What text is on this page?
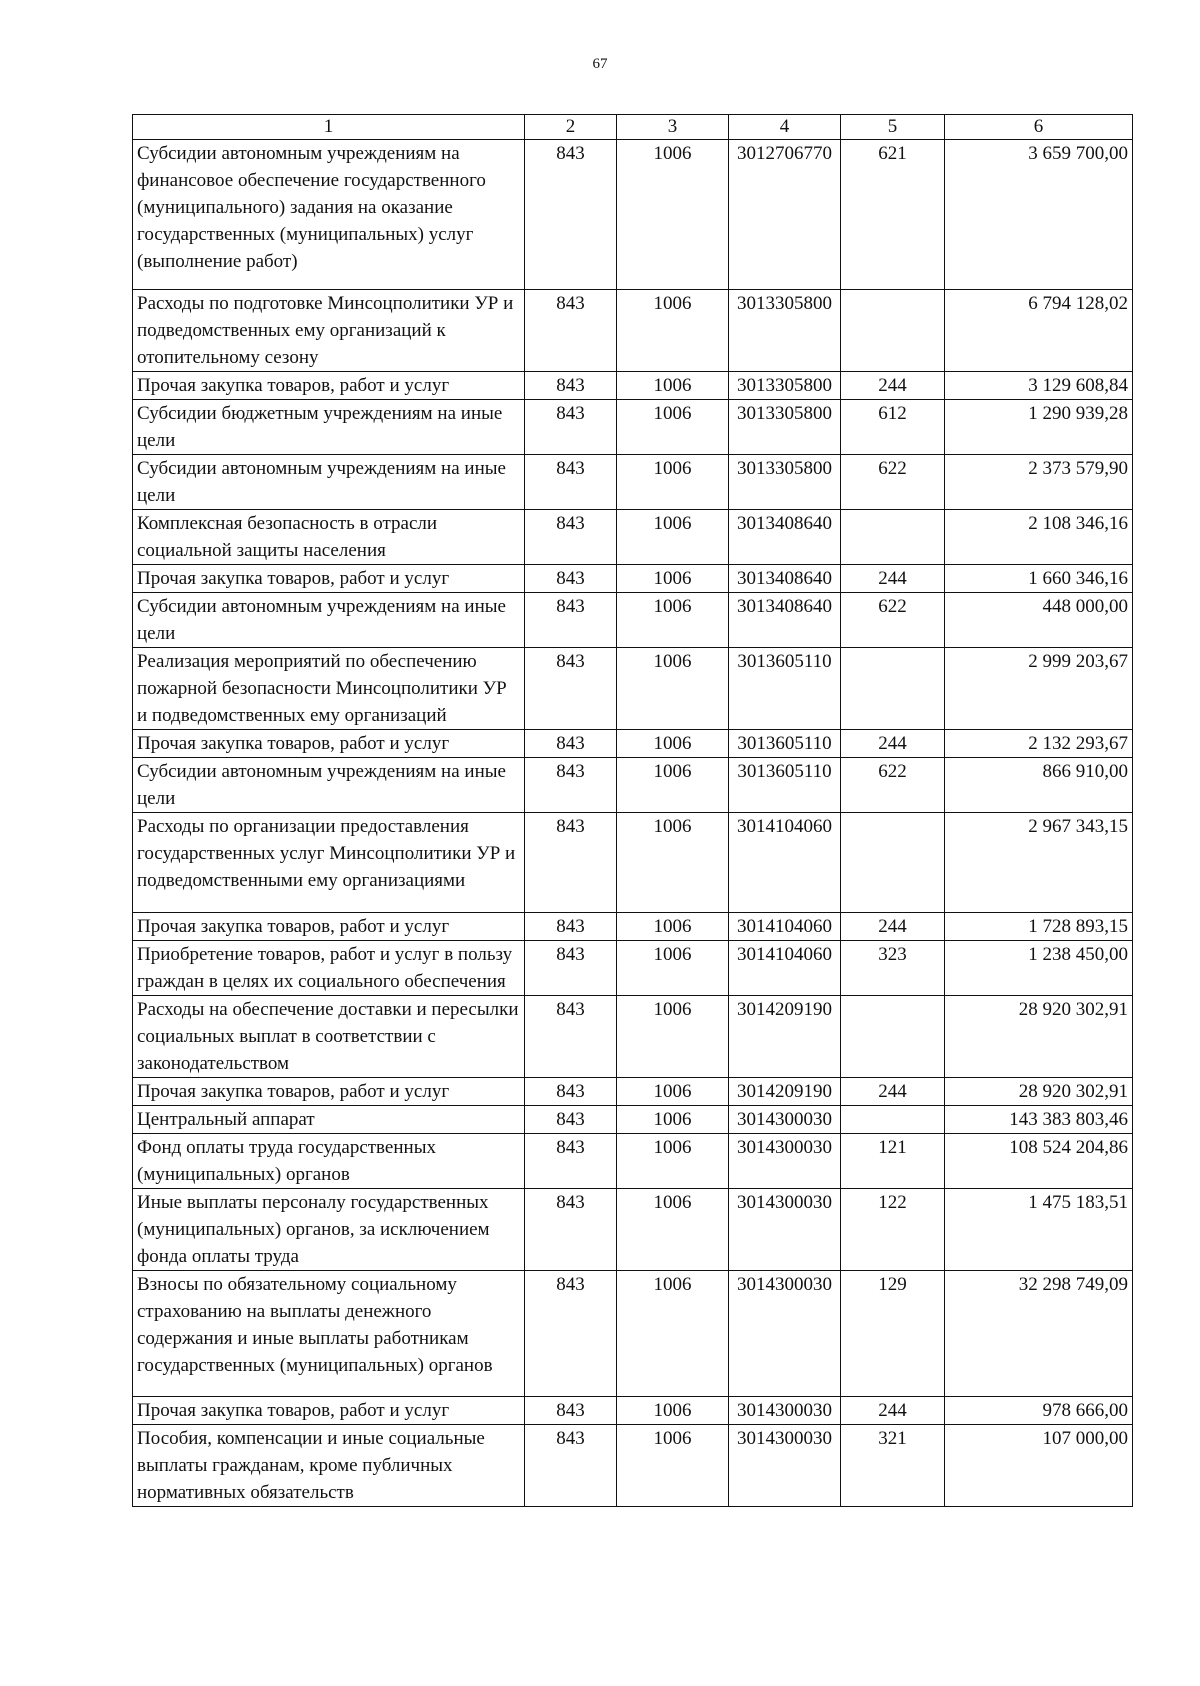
67
1	2	3	4	5	6
Субсидии автономным учреждениям на финансовое обеспечение государственного (муниципального) задания на оказание государственных (муниципальных) услуг (выполнение работ)	843	1006	3012706770	621	3 659 700,00
Расходы по подготовке Минсоцполитики УР и подведомственных ему организаций к отопительному сезону	843	1006	3013305800		6 794 128,02
Прочая закупка товаров, работ и услуг	843	1006	3013305800	244	3 129 608,84
Субсидии бюджетным учреждениям на иные цели	843	1006	3013305800	612	1 290 939,28
Субсидии автономным учреждениям на иные цели	843	1006	3013305800	622	2 373 579,90
Комплексная безопасность в отрасли социальной защиты населения	843	1006	3013408640		2 108 346,16
Прочая закупка товаров, работ и услуг	843	1006	3013408640	244	1 660 346,16
Субсидии автономным учреждениям на иные цели	843	1006	3013408640	622	448 000,00
Реализация мероприятий по обеспечению пожарной безопасности Минсоцполитики УР и подведомственных ему организаций	843	1006	3013605110		2 999 203,67
Прочая закупка товаров, работ и услуг	843	1006	3013605110	244	2 132 293,67
Субсидии автономным учреждениям на иные цели	843	1006	3013605110	622	866 910,00
Расходы по организации предоставления государственных услуг Минсоцполитики УР и подведомственными ему организациями	843	1006	3014104060		2 967 343,15
Прочая закупка товаров, работ и услуг	843	1006	3014104060	244	1 728 893,15
Приобретение товаров, работ и услуг в пользу граждан в целях их социального обеспечения	843	1006	3014104060	323	1 238 450,00
Расходы на обеспечение доставки и пересылки социальных выплат в соответствии с законодательством	843	1006	3014209190		28 920 302,91
Прочая закупка товаров, работ и услуг	843	1006	3014209190	244	28 920 302,91
Центральный аппарат	843	1006	3014300030		143 383 803,46
Фонд оплаты труда государственных (муниципальных) органов	843	1006	3014300030	121	108 524 204,86
Иные выплаты персоналу государственных (муниципальных) органов, за исключением фонда оплаты труда	843	1006	3014300030	122	1 475 183,51
Взносы по обязательному социальному страхованию на выплаты денежного содержания и иные выплаты работникам государственных (муниципальных) органов	843	1006	3014300030	129	32 298 749,09
Прочая закупка товаров, работ и услуг	843	1006	3014300030	244	978 666,00
Пособия, компенсации и иные социальные выплаты гражданам, кроме публичных нормативных обязательств	843	1006	3014300030	321	107 000,00
